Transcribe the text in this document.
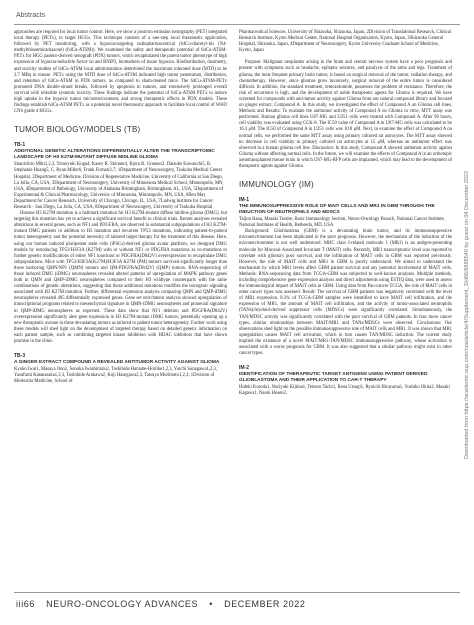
Abstracts

approaches are required for local tumor control. Here, we show a positron emission tomography (PET) integrated local therapy (PETx), to target HGGs. This technique consists of a one-step local theranostic application, followed by PET monitoring, with a hypoxia-targeting radiopharmaceutical (64Cu-diacetyl-bis (N4-methylthiosemicarbazone) (64Cu-ATSM)). We examined the safety and therapeutic potential of 64Cu-ATSM-PETx for HGG patient-derived xenograft (PDX) tumors, which recapitulated the parent tumor phenotype of high expression of hypoxia-inducible factor-1α and BNIP3, biomarkers of tissue hypoxia. Biodistribution, dosimetry, and toxicity studies of 64Cu-ATSM local administration determined the maximum tolerated dose (MTD) to be 3.7 MBq in mouse. PETx using the MTD dose of 64Cu-ATSM indicated high tumor penetration, distribution, and retention of 64Cu-ATSM in PDX tumors, as compared to sham-treated mice. The 64Cu-ATSM-PETx promoted DNA double-strand breaks, followed by apoptosis in tumors, and extensively prolonged overall survival with tolerable systemic toxicity. These findings indicate the potential of 64Cu-ATSM PETx to induce high uptake in the hypoxic tumor microenvironment, and strong therapeutic effects in PDX models. These findings establish 64Cu-ATSM PETx as a potential novel theranostic approach to facilitate local control of WHO CNS grade 4 HGGs.

TUMOR BIOLOGY/MODELS (TB)
TB-1

ADDITIONAL GENETIC ALTERATIONS DIFFERENTIALLY ALTER THE TRANSCRIPTOMIC LANDSCAPE OF H3 K27M-MUTANT DIFFUSE MIDLINE GLIOMA

Shunichiro Miki1,2,3, Tomoyuki Koga4, Kasey R. Skinner4, Bjorn R. Gruener2, Daisuke Kawauchi5, R. Stephanie Huang5, C. Ryan Miller6, Frank Furnari2,7; 1Department of Neurosurgery, Tsukuba Medical Center Hospital, 2Department of Medicine, Division of Regenerative Medicine, University of California at San Diego, La Jolla, CA, USA, 3Department of Neurosurgery, University of Minnesota Medical School, Minneapolis, MN, USA, 4Department of Pathology, University of Alabama Birmingham, Birmingham, AL, USA, 5Department of Experimental & Clinical Pharmacology, University of Minnesota, Minneapolis, MN, USA, 6Ben May Department for Cancer Research, University of Chicago, Chicago, IL, USA, 7Ludwig Institute for Cancer Research - San Diego, La Jolla, CA, USA, 8Department of Neurosurgery, University of Tsukuba Hospital

Histone H3 K27M mutation is a hallmark mutation for H3 K27M-mutant diffuse midline glioma (DMG), but targeting this mutation has yet to achieve a significant survival benefit in clinical trials. Recent analyses revealed alterations in several genes, such as NF1 and PDGFRA, are observed in substantial subpopulations of H3 K27M-mutant DMG patients in addition to H3 mutation and recurrent TP53 mutations, indicating patient-to-patient tumor heterogeneity and the potential necessity of tailored target therapy for the treatment of this disease. Here, using our human induced pluripotent stem cells (iPSCs)-derived glioma avatar platform, we designed DMG models by introducing TP53/H3F3A (K27M) with or without NF1 or PDGFRA mutations as co-mutations to further genetic modifications of either NF1 knockout or PDGFRA(D842V) overexpression to recapitulate DMG subpopulations. Mice with TP53/H3F3A(K27M)/H3F3A K27M (PM) tumors survived significantly longer than those harboring QMN/NP1 (QMN) tumors and QM-PDGFRA(D842V) (QMP) tumors. RNA-sequencing of those induced DMG (iDMG) neurospheres revealed altered patterns of upregulation of MAPK pathway genes both in QMN and QMP-iDMG neurospheres compared to their H3 wildtype counterparts with the same combinations of genetic alterations, suggesting that those additional mutations modifies the oncogenic signaling associated with H3 K27M mutation. Further, differential expression analysis comparing QMN and QMP-iDMG neurospheres revealed 405 differentially expressed genes. Gene set enrichment analysis showed upregulation of transcriptional programs related to mesenchymal signature in QMN-iDMG neurospheres and proneural signature in QMP-iDMG neurospheres as expected. These data show that NF1 deletion and PDGFRA(D842V) overexpression significantly alter gene expression in H3 K27M-mutant iDMG tumors, potentially opening up a new therapeutic avenue in these devastating tumors as tailored to patient tumor heterogeneity. Further work using these models will shed light on the development of targeted therapy based on detailed genetic information on each patient sample, such as combining targeted kinase inhibition with HDAC inhibitors that have shown promise in the clinic.

TB-3

A GINGER EXTRACT COMPOUND A REVEALED ANTITUMOR ACTIVITY AGAINST GLIOMA

Kyoko Iwai1, Masaya Ono2, Sonoka Iwashimizu2, Toshihide Hamabe-Horiike1,2,3, Yoichi Sunagawa1,2,3, Yasufumi Katanasaka1,2,3, Toshihide Arakawa2, Koji Hasegawa2,3, Tatsuya Morimoto1,2,3; 1Division of Molecular Medicine, School of

Pharmaceutical Sciences, University of Shizuoka, Shizuoka, Japan, 2Division of Translational Research, Clinical Research Institute, Kyoto Medical Center, National Hospital Organization, Kyoto, Japan, 3Shizuoka General Hospital, Shizuoka, Japan, 4Department of Neurosurgery, Kyoto University Graduate School of Medicine, Kyoto, Japan

Purpose: Malignant neoplasms arising in the brain and central nervous system have a poor prognosis and present with symptoms such as headache, epileptic seizures, and paralysis of the arms and legs. Treatment of glioma, the most frequent primary brain tumor, is based on surgical removal of the tumor, radiation therapy, and chemotherapy. However, since gliomas grow invasively, surgical removal of the entire tumor is considered difficult. In addition, the standard treatment, temozolomide, possesses the problem of resistance. Therefore, the risk of recurrence is high, and the development of noble therapeutic agents for Glioma is required. We have screened for compounds with anti-tumor activity against Glioma from our natural compound library and focused on ginger extract, Compound A. In this study, we investigated the effect of Compound A on Glioma cell lines. Methods and Results: To evaluate the antitumor activity of Compound A on Glioma in vitro, MTT assay was performed. Human glioma cell lines U87-MG and U251 cells were treated with Compound A. After 96 hours, cell viability was evaluated using CCK-8. The IC50 value of Compound A in U87-MG cells was calculated to be 16.3 μM. The IC50 of Compound A in U251 cells was 10.8 μM. Next, to examine the effect of Compound A on normal cells, we performed the same MTT assay using primary cultured rat astrocytes. The MTT assay showed no decrease in cell viability in primary cultured rat astrocytes at 15 μM, whereas an antitumor effect was observed in a human glioma cell line. Discussion: In this study, Compound A showed antitumor activity against Glioma without affecting normal cells. In the future, we will examine the effects of Compound A in an orthotopic xenotransplanted mouse brain in which U87-MG-RFP cells are implanted, which may lead to the development of therapeutic agents against Glioma.

IMMUNOLOGY (IM)
IM-1

THE IMMUNOSUPPRESSIVE ROLE OF MAIT CELLS AND MR1 IN GBM THROUGH THE INDUCTION OF NEUTROPHILS AND MDSCS

Taijun Hana, Masaki Terabe; Basic Immunology Section, Neuro-Oncology Branch, National Cancer Institute, National Institutes of Health, Bethesda, MD, USA

Background: Glioblastoma (GBM) is a devastating brain tumor, and its immunosuppressive microenvironment has been implicated in the poor prognosis. However, the mechanism of the induction of the microenvironment is not well understood. MHC class I-related molecule 1 (MR1) is an antigen-presenting molecule for Mucosal Associated Invariant T (MAIT) cells. Recently, MR1 transcriptomic level was reported to correlate with glioma's poor survival, and the infiltration of MAIT cells in GBM was reported previously. However, the role of MAIT cells and MR1 in GBM is poorly understood. We aimed to understand the mechanism by which MR1 levels affect GBM patient survival and any potential involvement of MAIT cells. Methods: RNA-sequencing data from TCGA-GBM was subjected to well-known analyses. Multiple methods, including comprehensive gene expression analysis and direct adjustments using ESTIQ data, were used to assess the immunological impact of MAIT cells in GBM. Using data from Pan-cancer TCGA, the role of MAIT cells in other cancer types was assessed. Result: The survival of GBM patients was negatively correlated with the level of MR1 expression. 8.3% of TCGA-GBM samples were identified to have MAIT cell infiltration, and the expression of MR1, the amount of MAIT cell infiltration, and the activity of tumor-associated neutrophils (TANs)/myeloid-derived suppressor cells (MDSCs) were significantly correlated. Simultaneously, the TAN/MDSC activity was significantly correlated with the poor survival of GBM patients. In four more cancer types, similar relationships between MAIT/MR1 and TANs/MDSCs were observed. Conclusions: Our observations shed light on the possible immunosuppressive role of MAIT cells and MR1. It was shown that MR1 upregulation causes MAIT cell activation, which in turn causes TAN/MDSC induction. The current study implied the existence of a novel MAIT/MR1-TAN/MDSC immunosuppressive pathway, whose activation is associated with a worse prognosis for GBM. It was also suggested that a similar pathway might exist in other cancer types.

IM-2

IDENTIFICATION OF THERAPEUTIC TARGET ANTIGENS USING PATIENT DERIVED GLIOBLASTOMA AND THEIR APPLICATION TO CAR-T THERAPY

Hideki Kuroda1, Noriyuki Kijima1, Tetsuro Tachi1, Rena Utsugi1, Ryuichi Hirayama1, Yoshiko Okita2, Masaki Kagawa1, Naoki Hosen2,	Downloaded from https://academic.oup.com/noa/article/4/Supplement_3/iii66/6888549 by guest on 04 December 2022
iii66 NEURO-ONCOLOGY ADVANCES • DECEMBER 2022
